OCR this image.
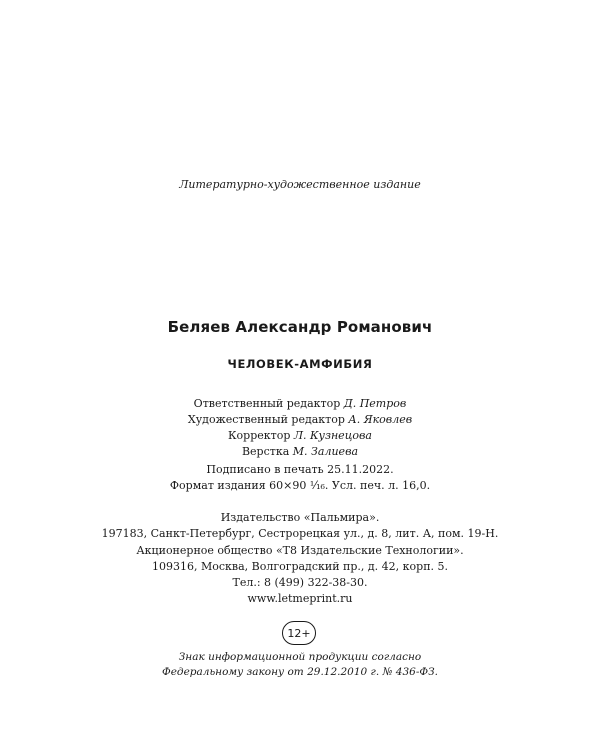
Литературно-художественное издание
Беляев Александр Романович
ЧЕЛОВЕК-АМФИБИЯ
Ответственный редактор Д. Петров
Художественный редактор А. Яковлев
Корректор Л. Кузнецова
Верстка М. Залиева
Подписано в печать 25.11.2022.
Формат издания 60×90 ¹⁄₁₆. Усл. печ. л. 16,0.
Издательство «Пальмира».
197183, Санкт-Петербург, Сестрорецкая ул., д. 8, лит. А, пом. 19-Н.
Акционерное общество «Т8 Издательские Технологии».
109316, Москва, Волгоградский пр., д. 42, корп. 5.
Тел.: 8 (499) 322-38-30.
www.letmeprint.ru
12+
Знак информационной продукции согласно
Федеральному закону от 29.12.2010 г. № 436-ФЗ.
